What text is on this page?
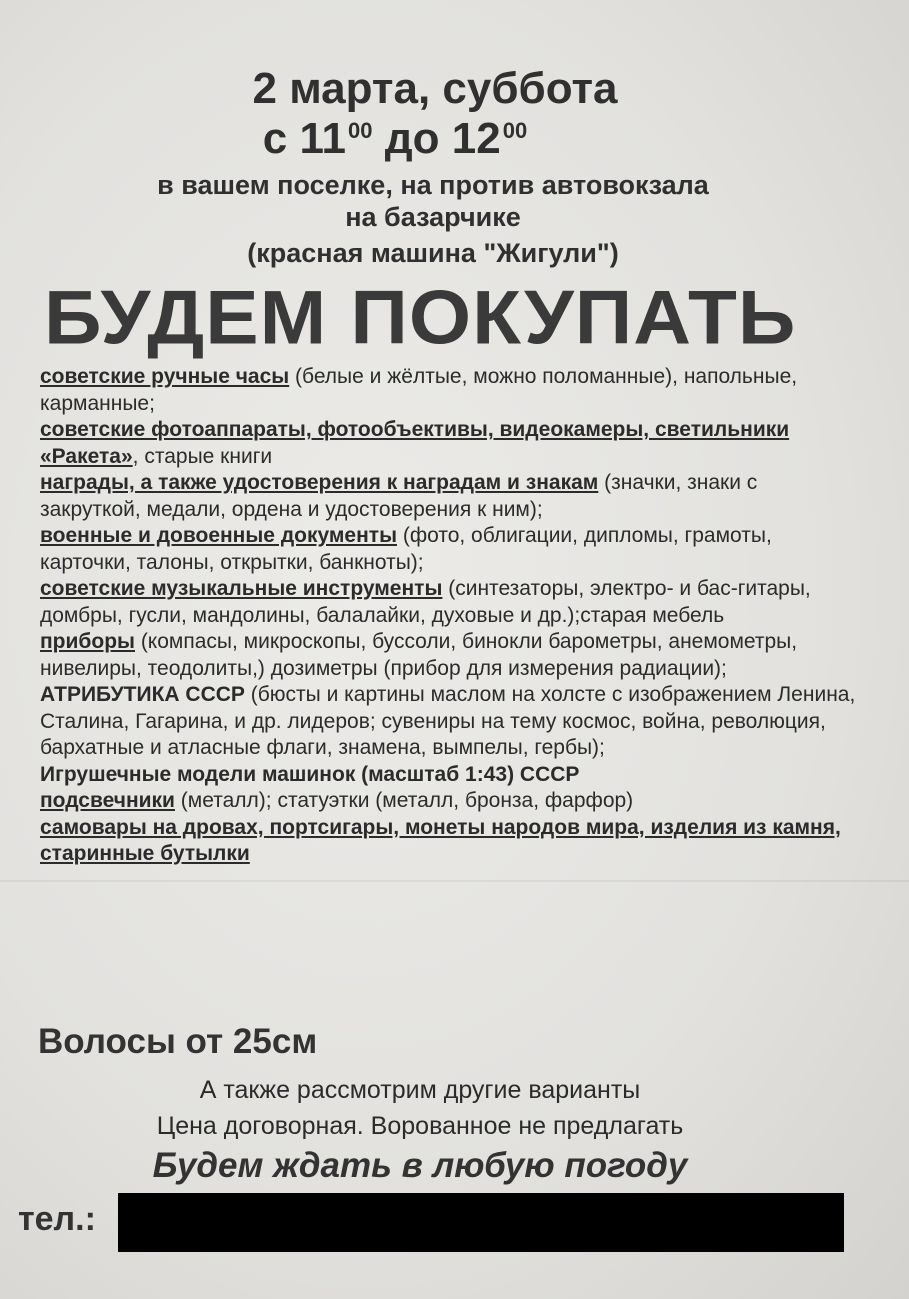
2 марта, суббота
с $11^{00}$ до $12^{00}$
в вашем поселке, на против автовокзала
на базарчике
(красная машина "Жигули")
БУДЕМ ПОКУПАТЬ

советские ручные часы (белые и жёлтые, можно поломанные), напольные, карманные;

советские фотоаппараты, фотообъективы, видеокамеры, светильники «Ракета», старые книги

награды, а также удостоверения к наградам и знакам (значки, знаки с закруткой, медали, ордена и удостоверения к ним);

военные и довоенные документы (фото, облигации, дипломы, грамоты, карточки, талоны, открытки, банкноты);

советские музыкальные инструменты (синтезаторы, электро- и бас-гитары, домбры, гусли, мандолины, балалайки, духовые и др.);старая мебель

приборы (компасы, микроскопы, буссоли, бинокли барометры, анемометры, нивелиры, теодолиты,) дозиметры (прибор для измерения радиации);

АТРИБУТИКА СССР (бюсты и картины маслом на холсте с изображением Ленина, Сталина, Гагарина, и др. лидеров; сувениры на тему космос, война, революция, бархатные и атласные флаги, знамена, вымпелы, гербы);

Игрушечные модели машинок (масштаб 1:43) СССР

подсвечники (металл); статуэтки (металл, бронза, фарфор)

самовары на дровах, портсигары, монеты народов мира, изделия из камня, старинные бутылки

Волосы от 25см
А также рассмотрим другие варианты
Цена договорная. Ворованное не предлагать
Будем ждать в любую погоду
тел.:
